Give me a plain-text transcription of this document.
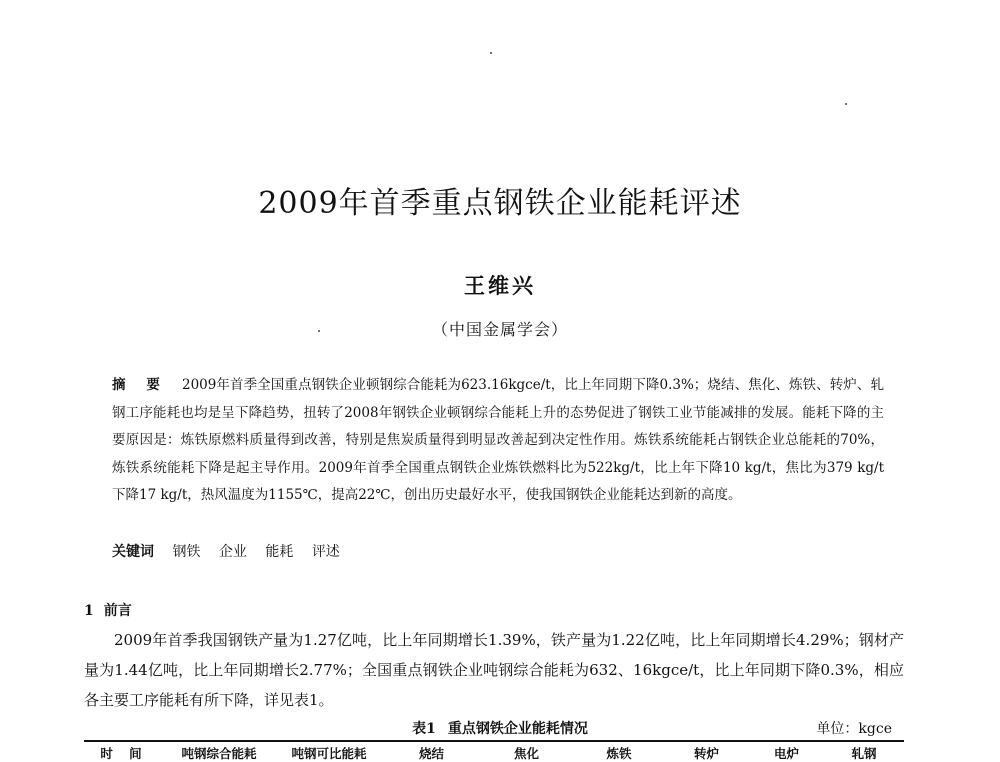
2009年首季重点钢铁企业能耗评述
王维兴
（中国金属学会）
摘 要 2009年首季全国重点钢铁企业顿钢综合能耗为623.16kgce/t，比上年同期下降0.3%；烧结、焦化、炼铁、转炉、轧钢工序能耗也均是呈下降趋势，扭转了2008年钢铁企业顿钢综合能耗上升的态势促进了钢铁工业节能减排的发展。能耗下降的主要原因是：炼铁原燃料质量得到改善，特别是焦炭质量得到明显改善起到决定性作用。炼铁系统能耗占钢铁企业总能耗的70%，炼铁系统能耗下降是起主导作用。2009年首季全国重点钢铁企业炼铁燃料比为522kg/t，比上年下降10 kg/t，焦比为379 kg/t下降17 kg/t，热风温度为1155℃，提高22℃，创出历史最好水平，使我国钢铁企业能耗达到新的高度。
关键词 钢铁 企业 能耗 评述
1 前言
2009年首季我国钢铁产量为1.27亿吨，比上年同期增长1.39%，铁产量为1.22亿吨，比上年同期增长4.29%；钢材产量为1.44亿吨，比上年同期增长2.77%；全国重点钢铁企业吨钢综合能耗为632、16kgce/t，比上年同期下降0.3%，相应各主要工序能耗有所下降，详见表1。
表1 重点钢铁企业能耗情况	单位：kgce
时 间	吨钢综合能耗	吨钢可比能耗	烧结	焦化	炼铁	转炉	电炉	轧钢
